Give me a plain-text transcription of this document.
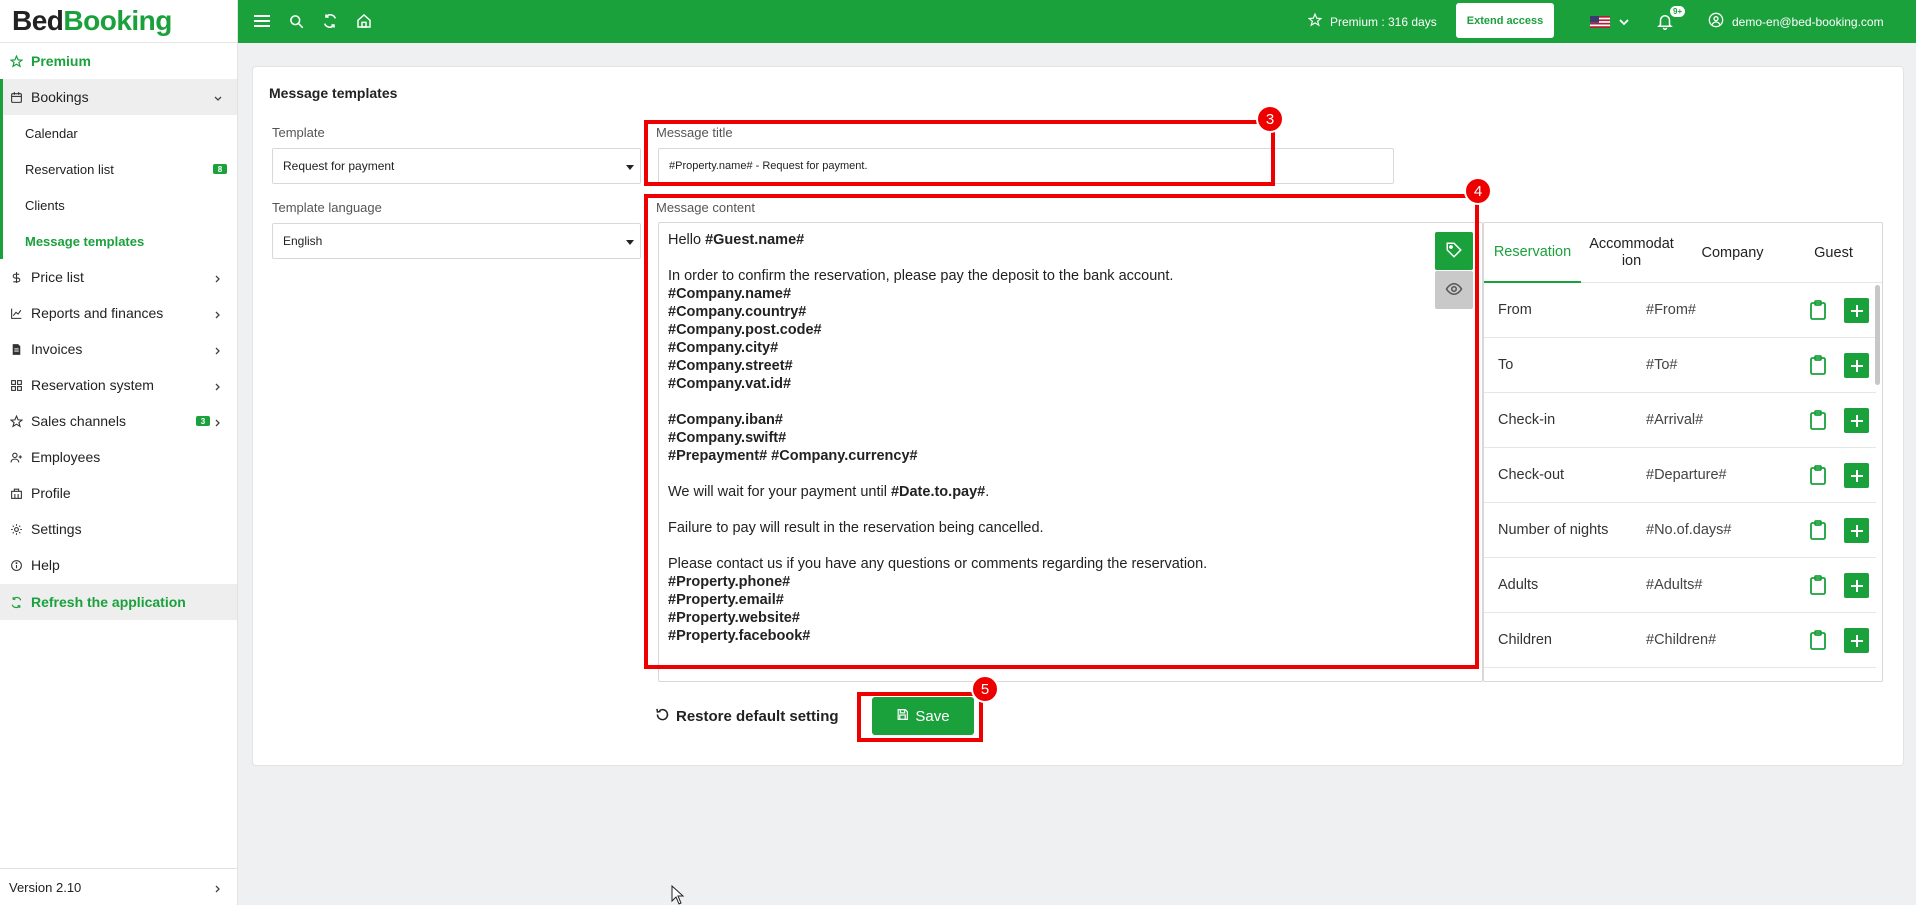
Bed Booking
Premium
Bookings
Calendar
Reservation list	8
Clients
Message templates
Price list
Reports and finances
Invoices
Reservation system
Sales channels	3
Employees
Profile
Settings
Help
Refresh the application
Version 2.10
Premium : 316 days	Extend access
9+
demo-en@bed-booking.com
Message templates
Template
Request for payment
Template language
English
Message title
#Property.name# - Request for payment.
Message content
Hello #Guest.name#
In order to confirm the reservation, please pay the deposit to the bank account.
#Company.name#
#Company.country#
#Company.post.code#
#Company.city#
#Company.street#
#Company.vat.id#
#Company.iban#
#Company.swift#
#Prepayment# #Company.currency#
We will wait for your payment until #Date.to.pay#.
Failure to pay will result in the reservation being cancelled.
Please contact us if you have any questions or comments regarding the reservation.
#Property.phone#
#Property.email#
#Property.website#
#Property.facebook#
Reservation	Accommodat
ion
Company	Guest
From	#From#
To	#To#
Check-in	#Arrival#
Check-out	#Departure#
Number of nights	#No.of.days#
Adults	#Adults#
Children	#Children#
Restore default setting	Save
3
4
5
